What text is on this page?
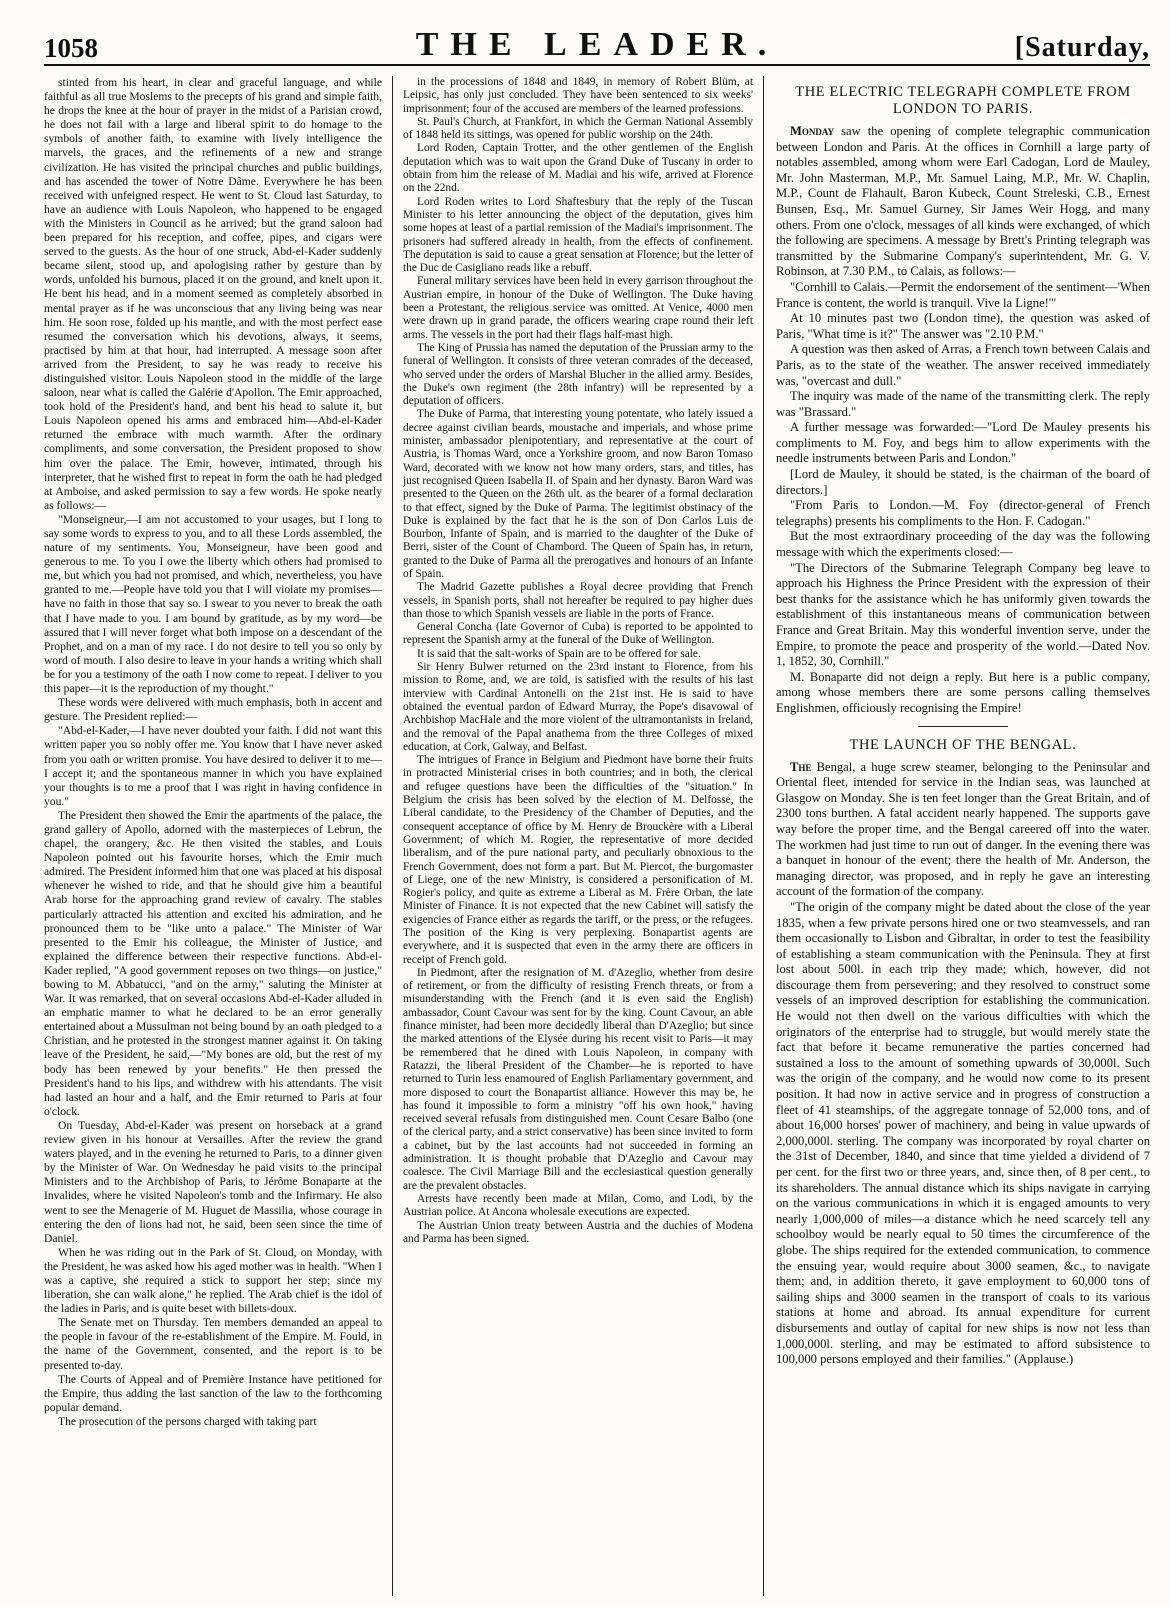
1058	THE LEADER.	[Saturday,

stinted from his heart, in clear and graceful language, and while faithful as all true Moslems to the precepts of his grand and simple faith, he drops the knee at the hour of prayer in the midst of a Parisian crowd, he does not fail with a large and liberal spirit to do homage to the symbols of another faith, to examine with lively intelligence the marvels, the graces, and the refinements of a new and strange civilization. He has visited the principal churches and public buildings, and has ascended the tower of Notre Dâme. Everywhere he has been received with unfeigned respect. He went to St. Cloud last Saturday, to have an audience with Louis Napoleon, who happened to be engaged with the Ministers in Council as he arrived; but the grand saloon had been prepared for his reception, and coffee, pipes, and cigars were served to the guests. As the hour of one struck, Abd-el-Kader suddenly became silent, stood up, and apologising rather by gesture than by words, unfolded his burnous, placed it on the ground, and knelt upon it. He bent his head, and in a moment seemed as completely absorbed in mental prayer as if he was unconscious that any living being was near him. He soon rose, folded up his mantle, and with the most perfect ease resumed the conversation which his devotions, always, it seems, practised by him at that hour, had interrupted. A message soon after arrived from the President, to say he was ready to receive his distinguished visitor. Louis Napoleon stood in the middle of the large saloon, near what is called the Galérie d'Apollon. The Emir approached, took hold of the President's hand, and bent his head to salute it, but Louis Napoleon opened his arms and embraced him—Abd-el-Kader returned the embrace with much warmth. After the ordinary compliments, and some conversation, the President proposed to show him over the palace. The Emir, however, intimated, through his interpreter, that he wished first to repeat in form the oath he had pledged at Amboise, and asked permission to say a few words. He spoke nearly as follows:—

"Monseigneur,—I am not accustomed to your usages, but I long to say some words to express to you, and to all these Lords assembled, the nature of my sentiments. You, Monseigneur, have been good and generous to me. To you I owe the liberty which others had promised to me, but which you had not promised, and which, nevertheless, you have granted to me.—People have told you that I will violate my promises—have no faith in those that say so. I swear to you never to break the oath that I have made to you. I am bound by gratitude, as by my word—be assured that I will never forget what both impose on a descendant of the Prophet, and on a man of my race. I do not desire to tell you so only by word of mouth. I also desire to leave in your hands a writing which shall be for you a testimony of the oath I now come to repeat. I deliver to you this paper—it is the reproduction of my thought."

These words were delivered with much emphasis, both in accent and gesture. The President replied:—

"Abd-el-Kader,—I have never doubted your faith. I did not want this written paper you so nobly offer me. You know that I have never asked from you oath or written promise. You have desired to deliver it to me—I accept it; and the spontaneous manner in which you have explained your thoughts is to me a proof that I was right in having confidence in you."

The President then showed the Emir the apartments of the palace, the grand gallery of Apollo, adorned with the masterpieces of Lebrun, the chapel, the orangery, &c. He then visited the stables, and Louis Napoleon pointed out his favourite horses, which the Emir much admired. The President informed him that one was placed at his disposal whenever he wished to ride, and that he should give him a beautiful Arab horse for the approaching grand review of cavalry. The stables particularly attracted his attention and excited his admiration, and he pronounced them to be "like unto a palace." The Minister of War presented to the Emir his colleague, the Minister of Justice, and explained the difference between their respective functions. Abd-el-Kader replied, "A good government reposes on two things—on justice," bowing to M. Abbatucci, "and on the army," saluting the Minister at War. It was remarked, that on several occasions Abd-el-Kader alluded in an emphatic manner to what he declared to be an error generally entertained about a Mussulman not being bound by an oath pledged to a Christian, and he protested in the strongest manner against it. On taking leave of the President, he said,—"My bones are old, but the rest of my body has been renewed by your benefits." He then pressed the President's hand to his lips, and withdrew with his attendants. The visit had lasted an hour and a half, and the Emir returned to Paris at four o'clock.

On Tuesday, Abd-el-Kader was present on horseback at a grand review given in his honour at Versailles. After the review the grand waters played, and in the evening he returned to Paris, to a dinner given by the Minister of War. On Wednesday he paid visits to the principal Ministers and to the Archbishop of Paris, to Jérôme Bonaparte at the Invalides, where he visited Napoleon's tomb and the Infirmary. He also went to see the Menagerie of M. Huguet de Massilia, whose courage in entering the den of lions had not, he said, been seen since the time of Daniel.

When he was riding out in the Park of St. Cloud, on Monday, with the President, he was asked how his aged mother was in health. "When I was a captive, she required a stick to support her step; since my liberation, she can walk alone," he replied. The Arab chief is the idol of the ladies in Paris, and is quite beset with billets-doux.

The Senate met on Thursday. Ten members demanded an appeal to the people in favour of the re-establishment of the Empire. M. Fould, in the name of the Government, consented, and the report is to be presented to-day.

The Courts of Appeal and of Première Instance have petitioned for the Empire, thus adding the last sanction of the law to the forthcoming popular demand.

The prosecution of the persons charged with taking part

in the processions of 1848 and 1849, in memory of Robert Blüm, at Leipsic, has only just concluded. They have been sentenced to six weeks' imprisonment; four of the accused are members of the learned professions.

St. Paul's Church, at Frankfort, in which the German National Assembly of 1848 held its sittings, was opened for public worship on the 24th.

Lord Roden, Captain Trotter, and the other gentlemen of the English deputation which was to wait upon the Grand Duke of Tuscany in order to obtain from him the release of M. Madiai and his wife, arrived at Florence on the 22nd.

Lord Roden writes to Lord Shaftesbury that the reply of the Tuscan Minister to his letter announcing the object of the deputation, gives him some hopes at least of a partial remission of the Madiai's imprisonment. The prisoners had suffered already in health, from the effects of confinement. The deputation is said to cause a great sensation at Florence; but the letter of the Duc de Casigliano reads like a rebuff.

Funeral military services have been held in every garrison throughout the Austrian empire, in honour of the Duke of Wellington. The Duke having been a Protestant, the religious service was omitted. At Venice, 4000 men were drawn up in grand parade, the officers wearing crape round their left arms. The vessels in the port had their flags half-mast high.

The King of Prussia has named the deputation of the Prussian army to the funeral of Wellington. It consists of three veteran comrades of the deceased, who served under the orders of Marshal Blucher in the allied army. Besides, the Duke's own regiment (the 28th infantry) will be represented by a deputation of officers.

The Duke of Parma, that interesting young potentate, who lately issued a decree against civilian beards, moustache and imperials, and whose prime minister, ambassador plenipotentiary, and representative at the court of Austria, is Thomas Ward, once a Yorkshire groom, and now Baron Tomaso Ward, decorated with we know not how many orders, stars, and titles, has just recognised Queen Isabella II. of Spain and her dynasty. Baron Ward was presented to the Queen on the 26th ult. as the bearer of a formal declaration to that effect, signed by the Duke of Parma. The legitimist obstinacy of the Duke is explained by the fact that he is the son of Don Carlos Luis de Bourbon, Infante of Spain, and is married to the daughter of the Duke of Berri, sister of the Count of Chambord. The Queen of Spain has, in return, granted to the Duke of Parma all the prerogatives and honours of an Infante of Spain.

The Madrid Gazette publishes a Royal decree providing that French vessels, in Spanish ports, shall not hereafter be required to pay higher dues than those to which Spanish vessels are liable in the ports of France.

General Concha (late Governor of Cuba) is reported to be appointed to represent the Spanish army at the funeral of the Duke of Wellington.

It is said that the salt-works of Spain are to be offered for sale.

Sir Henry Bulwer returned on the 23rd instant to Florence, from his mission to Rome, and, we are told, is satisfied with the results of his last interview with Cardinal Antonelli on the 21st inst. He is said to have obtained the eventual pardon of Edward Murray, the Pope's disavowal of Archbishop MacHale and the more violent of the ultramontanists in Ireland, and the removal of the Papal anathema from the three Colleges of mixed education, at Cork, Galway, and Belfast.

The intrigues of France in Belgium and Piedmont have borne their fruits in protracted Ministerial crises in both countries; and in both, the clerical and refugee questions have been the difficulties of the "situation." In Belgium the crisis has been solved by the election of M. Delfosse, the Liberal candidate, to the Presidency of the Chamber of Deputies, and the consequent acceptance of office by M. Henry de Brouckère with a Liberal Government; of which M. Rogier, the representative of more decided liberalism, and of the pure national party, and peculiarly obnoxious to the French Government, does not form a part. But M. Piercot, the burgomaster of Liege, one of the new Ministry, is considered a personification of M. Rogier's policy, and quite as extreme a Liberal as M. Frère Orban, the late Minister of Finance. It is not expected that the new Cabinet will satisfy the exigencies of France either as regards the tariff, or the press, or the refugees. The position of the King is very perplexing. Bonapartist agents are everywhere, and it is suspected that even in the army there are officers in receipt of French gold.

In Piedmont, after the resignation of M. d'Azeglio, whether from desire of retirement, or from the difficulty of resisting French threats, or from a misunderstanding with the French (and it is even said the English) ambassador, Count Cavour was sent for by the king. Count Cavour, an able finance minister, had been more decidedly liberal than D'Azeglio; but since the marked attentions of the Elysée during his recent visit to Paris—it may be remembered that he dined with Louis Napoleon, in company with Ratazzi, the liberal President of the Chamber—he is reported to have returned to Turin less enamoured of English Parliamentary government, and more disposed to court the Bonapartist alliance. However this may be, he has found it impossible to form a ministry "off his own hook," having received several refusals from distinguished men. Count Cesare Balbo (one of the clerical party, and a strict conservative) has been since invited to form a cabinet, but by the last accounts had not succeeded in forming an administration. It is thought probable that D'Azeglio and Cavour may coalesce. The Civil Marriage Bill and the ecclesiastical question generally are the prevalent obstacles.

Arrests have recently been made at Milan, Como, and Lodi, by the Austrian police. At Ancona wholesale executions are expected.

The Austrian Union treaty between Austria and the duchies of Modena and Parma has been signed.

THE ELECTRIC TELEGRAPH COMPLETE FROM LONDON TO PARIS.

Monday saw the opening of complete telegraphic communication between London and Paris. At the offices in Cornhill a large party of notables assembled, among whom were Earl Cadogan, Lord de Mauley, Mr. John Masterman, M.P., Mr. Samuel Laing, M.P., Mr. W. Chaplin, M.P., Count de Flahault, Baron Kubeck, Count Streleski, C.B., Ernest Bunsen, Esq., Mr. Samuel Gurney, Sir James Weir Hogg, and many others. From one o'clock, messages of all kinds were exchanged, of which the following are specimens. A message by Brett's Printing telegraph was transmitted by the Submarine Company's superintendent, Mr. G. V. Robinson, at 7.30 P.M., to Calais, as follows:—

"Cornhill to Calais.—Permit the endorsement of the sentiment—'When France is content, the world is tranquil. Vive la Ligne!'"

At 10 minutes past two (London time), the question was asked of Paris, "What time is it?" The answer was "2.10 P.M."

A question was then asked of Arras, a French town between Calais and Paris, as to the state of the weather. The answer received immediately was, "overcast and dull."

The inquiry was made of the name of the transmitting clerk. The reply was "Brassard."

A further message was forwarded:—"Lord De Mauley presents his compliments to M. Foy, and begs him to allow experiments with the needle instruments between Paris and London."

[Lord de Mauley, it should be stated, is the chairman of the board of directors.]

"From Paris to London.—M. Foy (director-general of French telegraphs) presents his compliments to the Hon. F. Cadogan."

But the most extraordinary proceeding of the day was the following message with which the experiments closed:—

"The Directors of the Submarine Telegraph Company beg leave to approach his Highness the Prince President with the expression of their best thanks for the assistance which he has uniformly given towards the establishment of this instantaneous means of communication between France and Great Britain. May this wonderful invention serve, under the Empire, to promote the peace and prosperity of the world.—Dated Nov. 1, 1852, 30, Cornhill."

M. Bonaparte did not deign a reply. But here is a public company, among whose members there are some persons calling themselves Englishmen, officiously recognising the Empire!

THE LAUNCH OF THE BENGAL.

The Bengal, a huge screw steamer, belonging to the Peninsular and Oriental fleet, intended for service in the Indian seas, was launched at Glasgow on Monday. She is ten feet longer than the Great Britain, and of 2300 tons burthen. A fatal accident nearly happened. The supports gave way before the proper time, and the Bengal careered off into the water. The workmen had just time to run out of danger. In the evening there was a banquet in honour of the event; there the health of Mr. Anderson, the managing director, was proposed, and in reply he gave an interesting account of the formation of the company.

"The origin of the company might be dated about the close of the year 1835, when a few private persons hired one or two steamvessels, and ran them occasionally to Lisbon and Gibraltar, in order to test the feasibility of establishing a steam communication with the Peninsula. They at first lost about 500l. in each trip they made; which, however, did not discourage them from persevering; and they resolved to construct some vessels of an improved description for establishing the communication. He would not then dwell on the various difficulties with which the originators of the enterprise had to struggle, but would merely state the fact that before it became remunerative the parties concerned had sustained a loss to the amount of something upwards of 30,000l. Such was the origin of the company, and he would now come to its present position. It had now in active service and in progress of construction a fleet of 41 steamships, of the aggregate tonnage of 52,000 tons, and of about 16,000 horses' power of machinery, and being in value upwards of 2,000,000l. sterling. The company was incorporated by royal charter on the 31st of December, 1840, and since that time yielded a dividend of 7 per cent. for the first two or three years, and, since then, of 8 per cent., to its shareholders. The annual distance which its ships navigate in carrying on the various communications in which it is engaged amounts to very nearly 1,000,000 of miles—a distance which he need scarcely tell any schoolboy would be nearly equal to 50 times the circumference of the globe. The ships required for the extended communication, to commence the ensuing year, would require about 3000 seamen, &c., to navigate them; and, in addition thereto, it gave employment to 60,000 tons of sailing ships and 3000 seamen in the transport of coals to its various stations at home and abroad. Its annual expenditure for current disbursements and outlay of capital for new ships is now not less than 1,000,000l. sterling, and may be estimated to afford subsistence to 100,000 persons employed and their families." (Applause.)
